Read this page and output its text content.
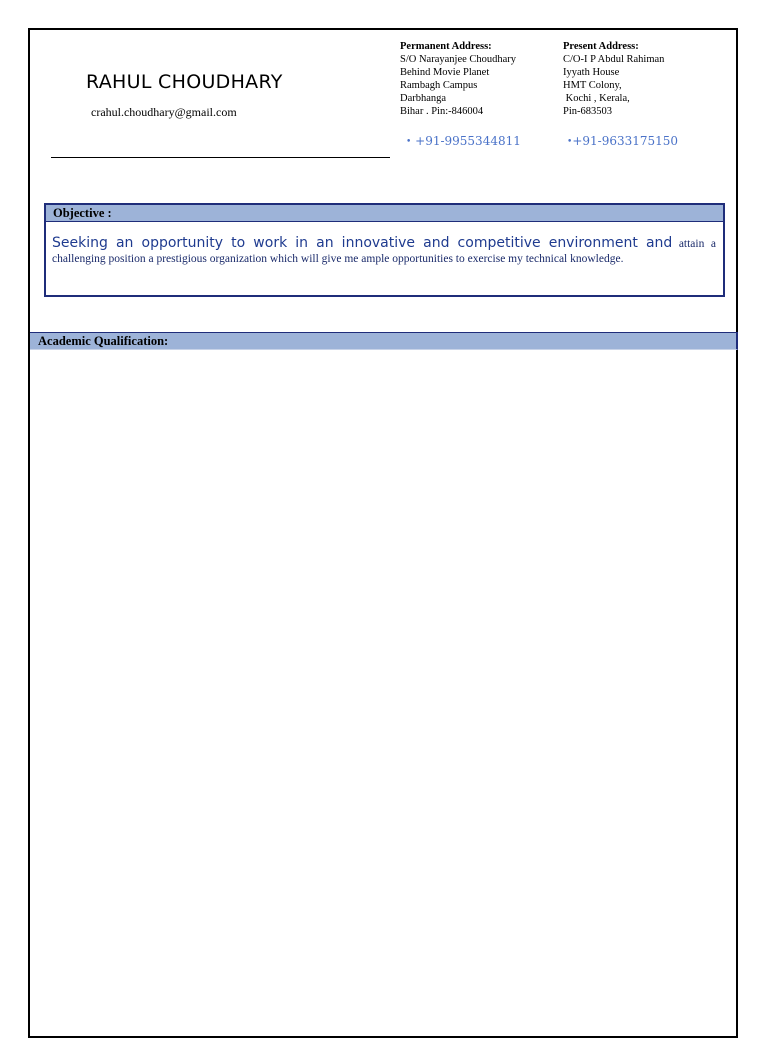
RAHUL CHOUDHARY
crahul.choudhary@gmail.com
Permanent Address:
S/O Narayanjee Choudhary
Behind Movie Planet
Rambagh Campus
Darbhanga
Bihar . Pin:-846004
• +91-9955344811
Present Address:
C/O-I P Abdul Rahiman
Iyyath House
HMT Colony,
Kochi , Kerala,
Pin-683503
•+91-9633175150
Objective :
Seeking an opportunity to work in an innovative and competitive environment and attain a challenging position a prestigious organization which will give me ample opportunities to exercise my technical knowledge.
Academic Qualification:
